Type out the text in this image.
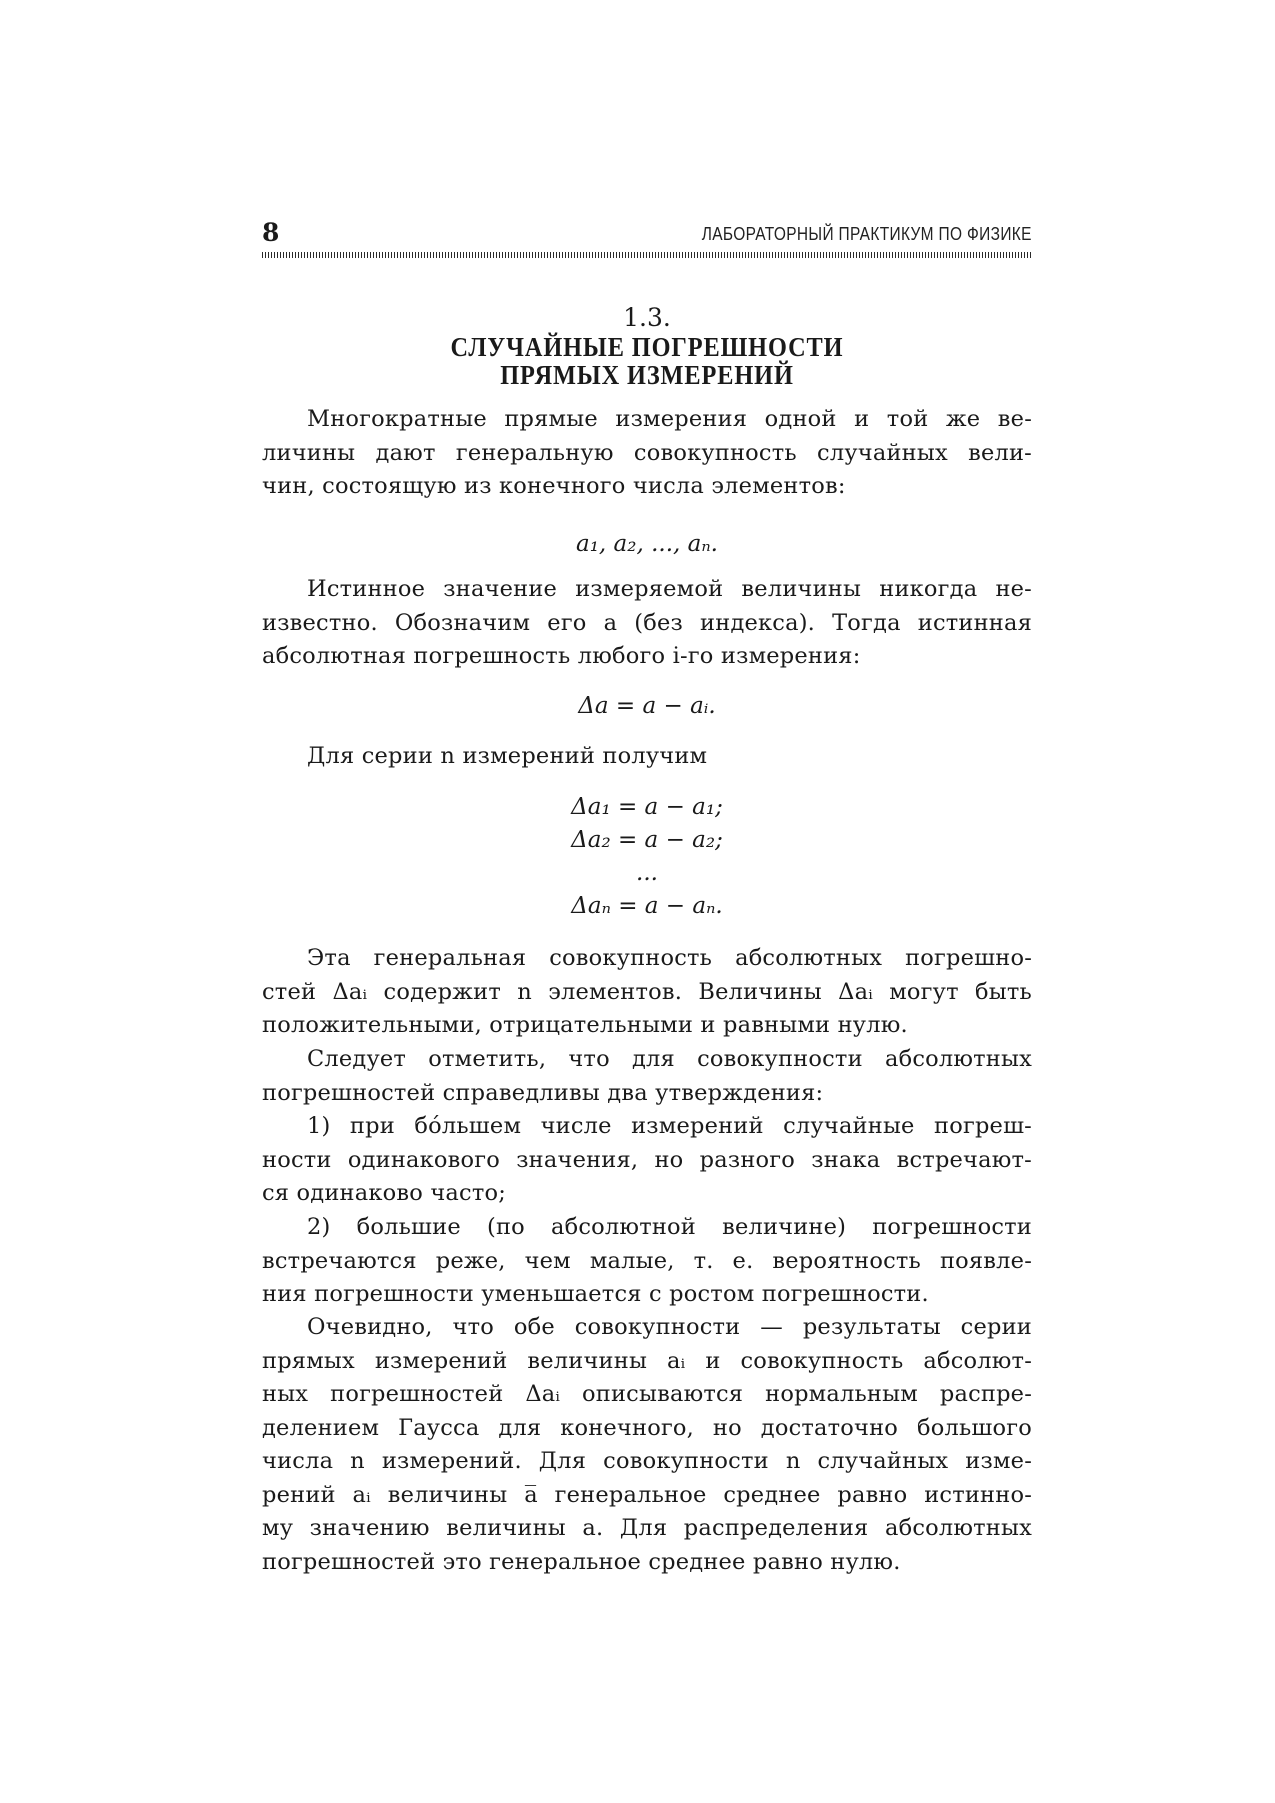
8	ЛАБОРАТОРНЫЙ ПРАКТИКУМ ПО ФИЗИКЕ
1.3.
СЛУЧАЙНЫЕ ПОГРЕШНОСТИ
ПРЯМЫХ ИЗМЕРЕНИЙ

Многократные прямые измерения одной и той же ве-
личины дают генеральную совокупность случайных вели-
чин, состоящую из конечного числа элементов:

a₁, a₂, ..., aₙ.

Истинное значение измеряемой величины никогда не-
известно. Обозначим его a (без индекса). Тогда истинная
абсолютная погрешность любого i-го измерения:

Δa = a − aᵢ.

Для серии n измерений получим

Δa₁ = a − a₁;
Δa₂ = a − a₂;
...
Δaₙ = a − aₙ.

Эта генеральная совокупность абсолютных погрешно-
стей Δaᵢ содержит n элементов. Величины Δaᵢ могут быть
положительными, отрицательными и равными нулю.

Следует отметить, что для совокупности абсолютных
погрешностей справедливы два утверждения:

1) при бóльшем числе измерений случайные погреш-
ности одинакового значения, но разного знака встречают-
ся одинаково часто;

2) большие (по абсолютной величине) погрешности
встречаются реже, чем малые, т. е. вероятность появле-
ния погрешности уменьшается с ростом погрешности.

Очевидно, что обе совокупности — результаты серии
прямых измерений величины aᵢ и совокупность абсолют-
ных погрешностей Δaᵢ описываются нормальным распре-
делением Гаусса для конечного, но достаточно большого
числа n измерений. Для совокупности n случайных изме-
рений aᵢ величины a̅ генеральное среднее равно истинно-
му значению величины a. Для распределения абсолютных
погрешностей это генеральное среднее равно нулю.
